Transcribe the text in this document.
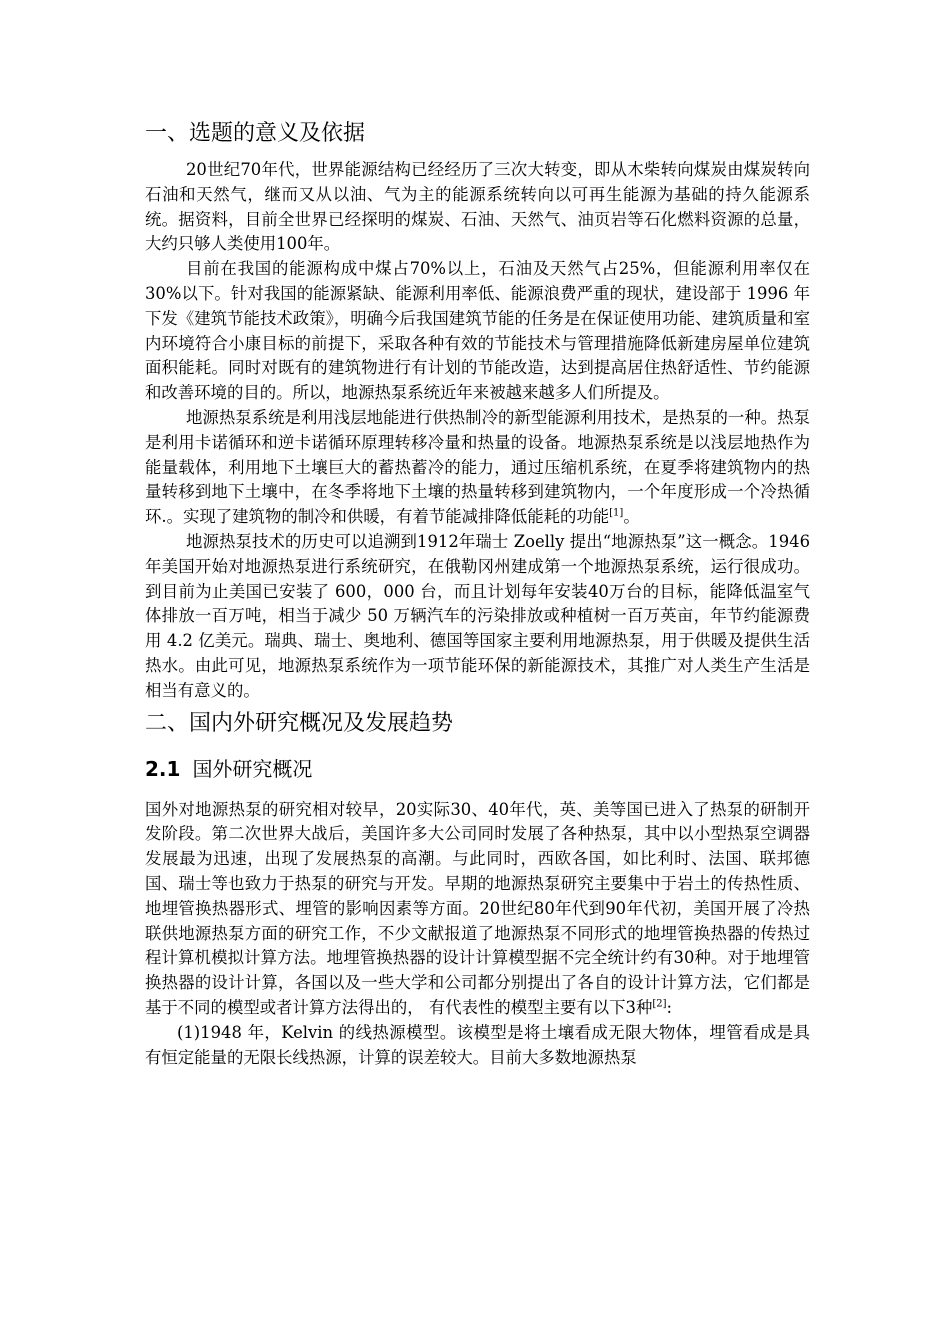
一、选题的意义及依据

20世纪70年代，世界能源结构已经经历了三次大转变，即从木柴转向煤炭由煤炭转向石油和天然气，继而又从以油、气为主的能源系统转向以可再生能源为基础的持久能源系统。据资料，目前全世界已经探明的煤炭、石油、天然气、油页岩等石化燃料资源的总量，大约只够人类使用100年。

目前在我国的能源构成中煤占70%以上，石油及天然气占25%，但能源利用率仅在 30%以下。针对我国的能源紧缺、能源利用率低、能源浪费严重的现状，建设部于 1996 年下发《建筑节能技术政策》，明确今后我国建筑节能的任务是在保证使用功能、建筑质量和室内环境符合小康目标的前提下，采取各种有效的节能技术与管理措施降低新建房屋单位建筑面积能耗。同时对既有的建筑物进行有计划的节能改造，达到提高居住热舒适性、节约能源和改善环境的目的。所以，地源热泵系统近年来被越来越多人们所提及。

地源热泵系统是利用浅层地能进行供热制冷的新型能源利用技术，是热泵的一种。热泵是利用卡诺循环和逆卡诺循环原理转移冷量和热量的设备。地源热泵系统是以浅层地热作为能量载体，利用地下土壤巨大的蓄热蓄冷的能力，通过压缩机系统，在夏季将建筑物内的热量转移到地下土壤中，在冬季将地下土壤的热量转移到建筑物内，一个年度形成一个冷热循环.。实现了建筑物的制冷和供暖，有着节能减排降低能耗的功能[1]。

地源热泵技术的历史可以追溯到1912年瑞士 Zoelly 提出“地源热泵”这一概念。1946年美国开始对地源热泵进行系统研究，在俄勒冈州建成第一个地源热泵系统，运行很成功。到目前为止美国已安装了 600，000 台，而且计划每年安装40万台的目标，能降低温室气体排放一百万吨，相当于减少 50 万辆汽车的污染排放或种植树一百万英亩，年节约能源费用 4.2 亿美元。瑞典、瑞士、奥地利、德国等国家主要利用地源热泵，用于供暖及提供生活热水。由此可见，地源热泵系统作为一项节能环保的新能源技术，其推广对人类生产生活是相当有意义的。

二、国内外研究概况及发展趋势
2.1 国外研究概况

国外对地源热泵的研究相对较早，20实际30、40年代，英、美等国已进入了热泵的研制开发阶段。第二次世界大战后，美国许多大公司同时发展了各种热泵，其中以小型热泵空调器发展最为迅速，出现了发展热泵的高潮。与此同时，西欧各国，如比利时、法国、联邦德国、瑞士等也致力于热泵的研究与开发。早期的地源热泵研究主要集中于岩土的传热性质、地埋管换热器形式、埋管的影响因素等方面。20世纪80年代到90年代初，美国开展了冷热联供地源热泵方面的研究工作，不少文献报道了地源热泵不同形式的地埋管换热器的传热过程计算机模拟计算方法。地埋管换热器的设计计算模型据不完全统计约有30种。对于地埋管换热器的设计计算，各国以及一些大学和公司都分别提出了各自的设计计算方法，它们都是基于不同的模型或者计算方法得出的， 有代表性的模型主要有以下3种[2]:

(1)1948 年，Kelvin 的线热源模型。该模型是将土壤看成无限大物体，埋管看成是具有恒定能量的无限长线热源，计算的误差较大。目前大多数地源热泵
